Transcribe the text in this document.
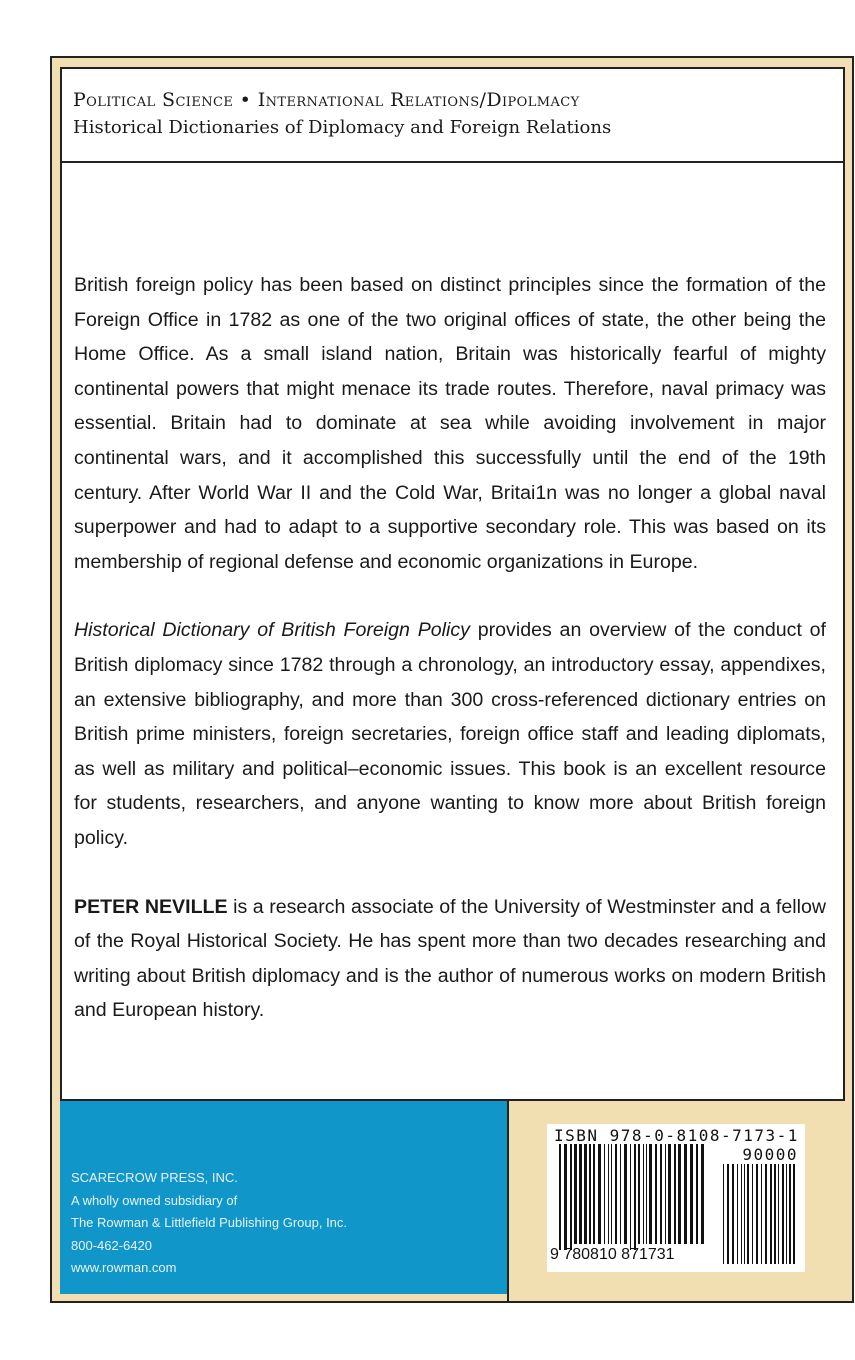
Political Science • International Relations/Dipolmacy
Historical Dictionaries of Diplomacy and Foreign Relations

British foreign policy has been based on distinct principles since the formation of the Foreign Office in 1782 as one of the two original offices of state, the other being the Home Office. As a small island nation, Britain was historically fearful of mighty continental powers that might menace its trade routes. Therefore, naval primacy was essential. Britain had to dominate at sea while avoiding involvement in major continental wars, and it accomplished this successfully until the end of the 19th century. After World War II and the Cold War, Britai1n was no longer a global naval superpower and had to adapt to a supportive secondary role. This was based on its membership of regional defense and economic organizations in Europe.

Historical Dictionary of British Foreign Policy provides an overview of the conduct of British diplomacy since 1782 through a chronology, an introductory essay, appendixes, an extensive bibliography, and more than 300 cross-referenced dictionary entries on British prime ministers, foreign secretaries, foreign office staff and leading diplomats, as well as military and political–economic issues. This book is an excellent resource for students, researchers, and anyone wanting to know more about British foreign policy.

PETER NEVILLE is a research associate of the University of Westminster and a fellow of the Royal Historical Society. He has spent more than two decades researching and writing about British diplomacy and is the author of numerous works on modern British and European history.

SCARECROW PRESS, INC.
A wholly owned subsidiary of
The Rowman & Littlefield Publishing Group, Inc.
800-462-6420
www.rowman.com
ISBN 978-0-8108-7173-1
90000
9 780810 871731
